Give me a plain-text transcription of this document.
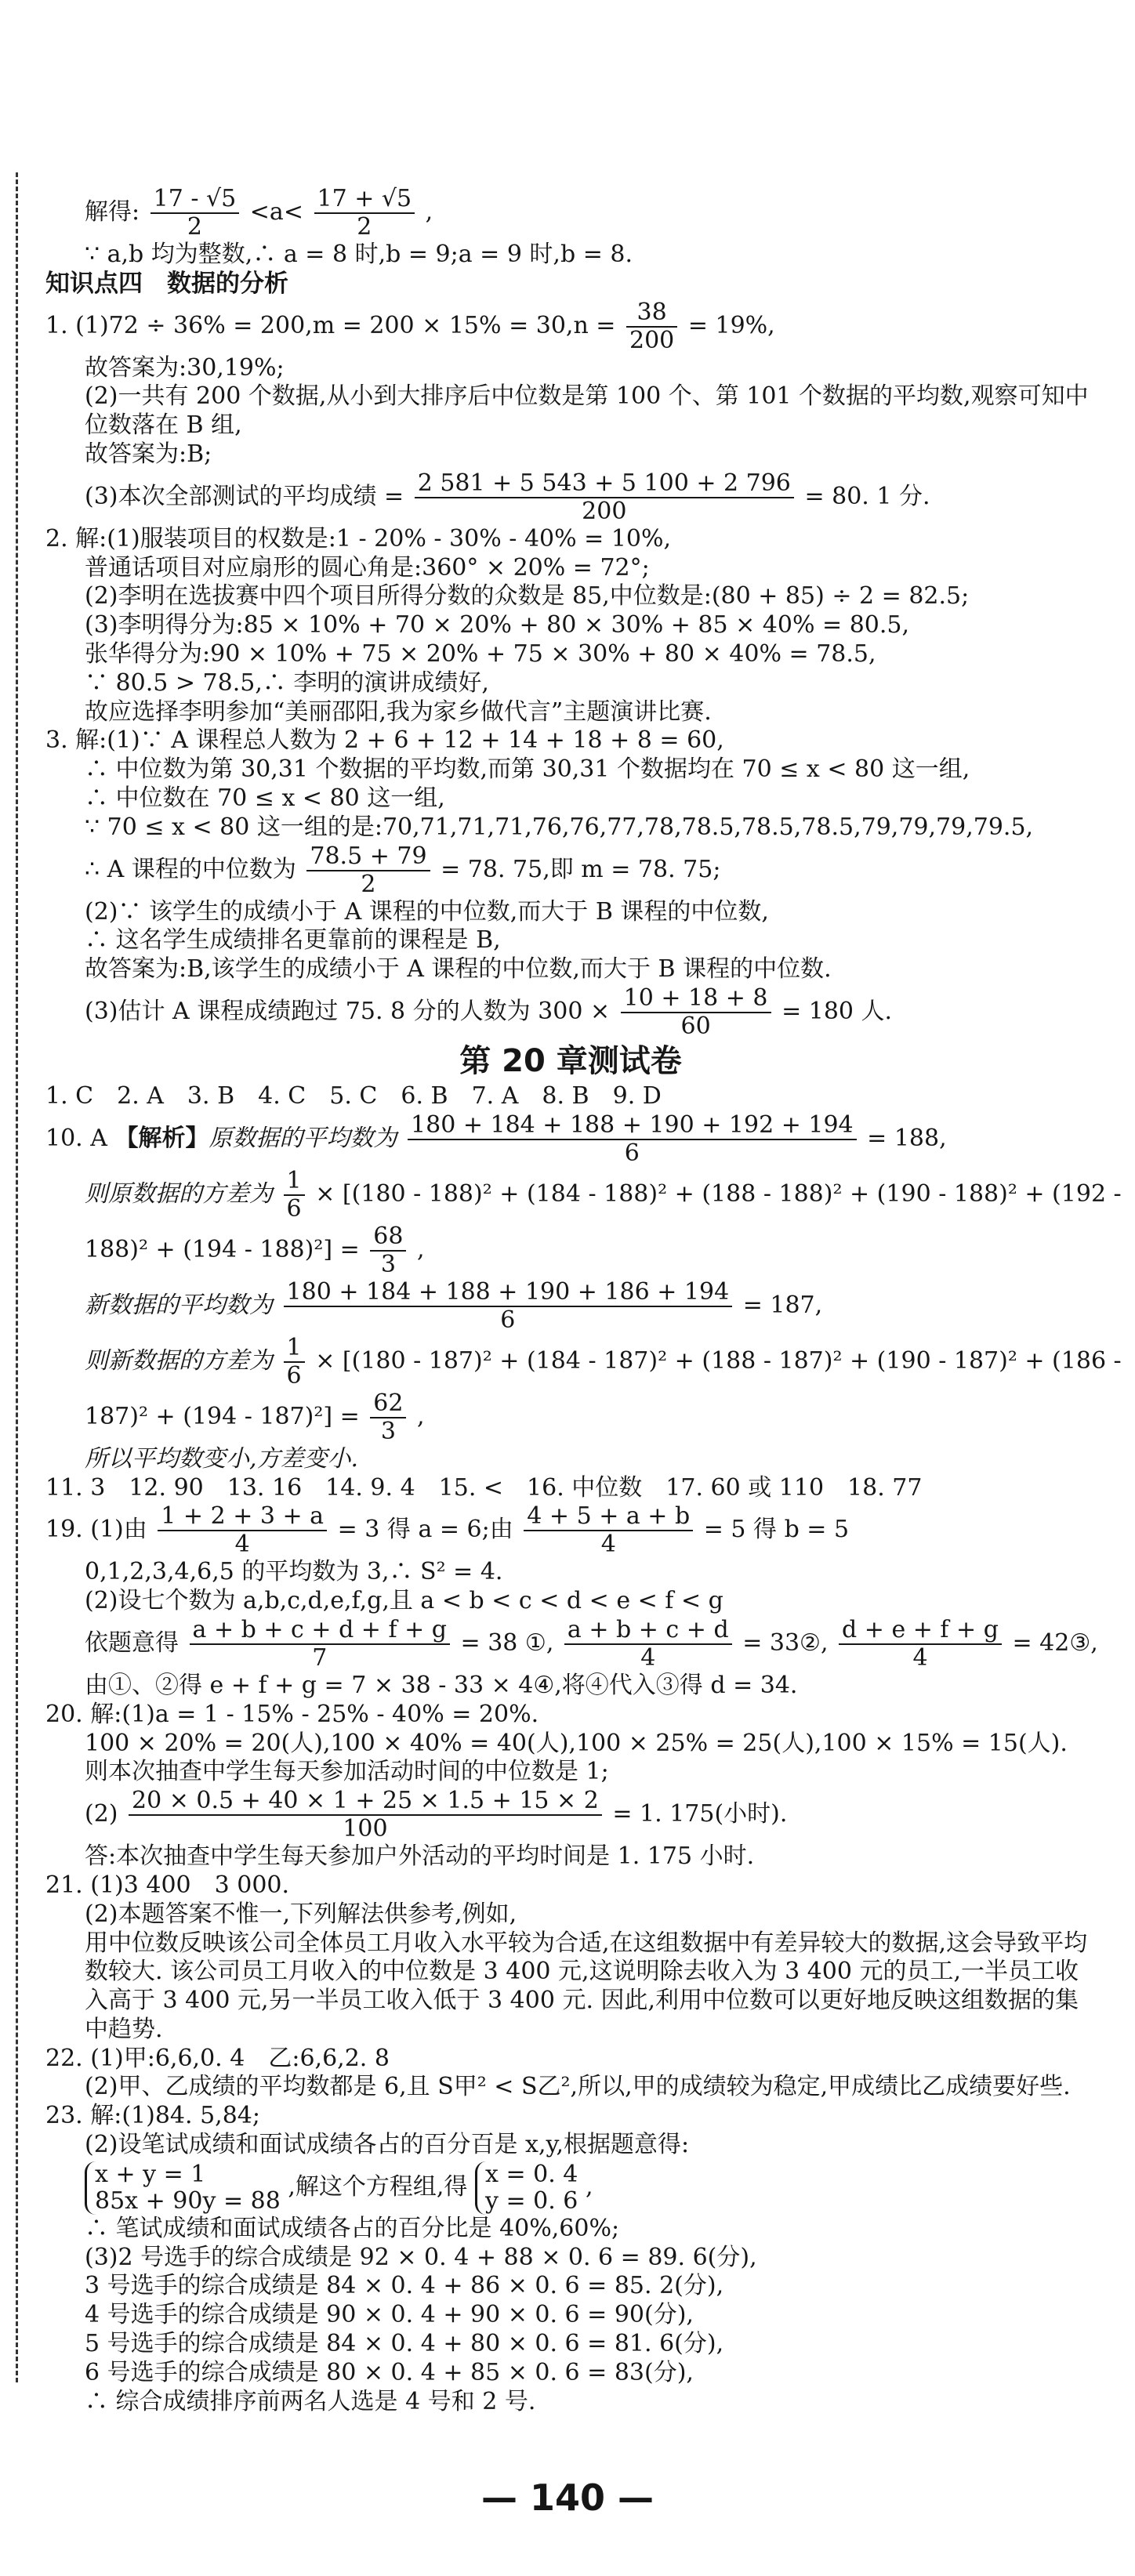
解得: $\frac{17 - √5}{2} <a< \frac{17 + √5}{2}$ ,
∵ a,b 均为整数,∴ a = 8 时,b = 9;a = 9 时,b = 8.
知识点四　数据的分析
1. $(1)72 \div 36\% = 200,m = 200 \times 15\% = 30,n = \frac{38}{200} = 19\%$,
故答案为:30,19%;
(2)一共有 200 个数据,从小到大排序后中位数是第 100 个、第 101 个数据的平均数,观察可知中位数落在 B 组,
故答案为:B;
(3)本次全部测试的平均成绩 = $\frac{2 581 + 5 543 + 5 100 + 2 796}{200} = 80$. 1 分.
2. 解:(1)服装项目的权数是:1 - 20% - 30% - 40% = 10%,
普通话项目对应扇形的圆心角是:360° × 20% = 72°;
(2)李明在选拔赛中四个项目所得分数的众数是 85,中位数是:(80 + 85) ÷ 2 = 82.5;
(3)李明得分为:85 × 10% + 70 × 20% + 80 × 30% + 85 × 40% = 80.5,
张华得分为:90 × 10% + 75 × 20% + 75 × 30% + 80 × 40% = 78.5,
∵ 80.5 > 78.5,∴ 李明的演讲成绩好,
故应选择李明参加“美丽邵阳,我为家乡做代言”主题演讲比赛.
3. 解:(1)∵ A 课程总人数为 2 + 6 + 12 + 14 + 18 + 8 = 60,
∴ 中位数为第 30,31 个数据的平均数,而第 30,31 个数据均在 70 ≤ x < 80 这一组,
∴ 中位数在 70 ≤ x < 80 这一组,
∵ 70 ≤ x < 80 这一组的是:70,71,71,71,76,76,77,78,78.5,78.5,78.5,79,79,79,79.5,
∴ A 课程的中位数为 $\frac{78.5 + 79}{2} = 78$. 75,即 m = 78. 75;
(2)∵ 该学生的成绩小于 A 课程的中位数,而大于 B 课程的中位数,
∴ 这名学生成绩排名更靠前的课程是 B,
故答案为:B,该学生的成绩小于 A 课程的中位数,而大于 B 课程的中位数.
(3)估计 A 课程成绩跑过 75. 8 分的人数为 $300 \times \frac{10 + 18 + 8}{60} = 180$ 人.
第 20 章测试卷
1. C　2. A　3. B　4. C　5. C　6. B　7. A　8. B　9. D
10. A 【解析】原数据的平均数为 $\frac{180 + 184 + 188 + 190 + 192 + 194}{6} = 188$,
则原数据的方差为 $\frac{1}{6} \times [(180 - 188)^2 + (184 - 188)^2 + (188 - 188)^2 + (190 - 188)^2 + (192$ -
$188)^2 + (194 - 188)^2] = \frac{68}{3}$ ,
新数据的平均数为 $\frac{180 + 184 + 188 + 190 + 186 + 194}{6} = 187$,
则新数据的方差为 $\frac{1}{6} \times [(180 - 187)^2 + (184 - 187)^2 + (188 - 187)^2 + (190 - 187)^2 + (186$ -
$187)^2 + (194 - 187)^2] = \frac{62}{3}$ ,
所以平均数变小,方差变小.
11. 3　12. 90　13. 16　14. 9. 4　15. <　16. 中位数　17. 60 或 110　18. 77
19. (1)由 $\frac{1 + 2 + 3 + a}{4} = 3$ 得 a = 6;由 $\frac{4 + 5 + a + b}{4} = 5$ 得 b = 5
0,1,2,3,4,6,5 的平均数为 3,∴ S² = 4.
(2)设七个数为 a,b,c,d,e,f,g,且 a < b < c < d < e < f < g
依题意得 $\frac{a + b + c + d + f + g}{7} = 38$ ①, $\frac{a + b + c + d}{4}$ = 33②, $\frac{d + e + f + g}{4}$ = 42③,
由①、②得 e + f + g = 7 × 38 - 33 × 4④,将④代入③得 d = 34.
20. 解:(1)a = 1 - 15% - 25% - 40% = 20%.
100 × 20% = 20(人),100 × 40% = 40(人),100 × 25% = 25(人),100 × 15% = 15(人).
则本次抽查中学生每天参加活动时间的中位数是 1;
$(2) \frac{20 \times 0.5 + 40 \times 1 + 25 \times 1.5 + 15 \times 2}{100} = 1$. 175(小时).
答:本次抽查中学生每天参加户外活动的平均时间是 1. 175 小时.
21. (1)3 400　3 000.
(2)本题答案不惟一,下列解法供参考,例如,
用中位数反映该公司全体员工月收入水平较为合适,在这组数据中有差异较大的数据,这会导致平均数较大. 该公司员工月收入的中位数是 3 400 元,这说明除去收入为 3 400 元的员工,一半员工收入高于 3 400 元,另一半员工收入低于 3 400 元. 因此,利用中位数可以更好地反映这组数据的集中趋势.
22. (1)甲:6,6,0. 4　乙:6,6,2. 8
(2)甲、乙成绩的平均数都是 6,且 S甲² < S乙²,所以,甲的成绩较为稳定,甲成绩比乙成绩要好些.
23. 解:(1)84. 5,84;
(2)设笔试成绩和面试成绩各占的百分百是 x,y,根据题意得:
x + y = 1
85x + 90y = 88 ,解这个方程组,得 x = 0. 4
y = 0. 6 ,
∴ 笔试成绩和面试成绩各占的百分比是 40%,60%;
(3)2 号选手的综合成绩是 92 × 0. 4 + 88 × 0. 6 = 89. 6(分),
3 号选手的综合成绩是 84 × 0. 4 + 86 × 0. 6 = 85. 2(分),
4 号选手的综合成绩是 90 × 0. 4 + 90 × 0. 6 = 90(分),
5 号选手的综合成绩是 84 × 0. 4 + 80 × 0. 6 = 81. 6(分),
6 号选手的综合成绩是 80 × 0. 4 + 85 × 0. 6 = 83(分),
∴ 综合成绩排序前两名人选是 4 号和 2 号.
— 140 —
